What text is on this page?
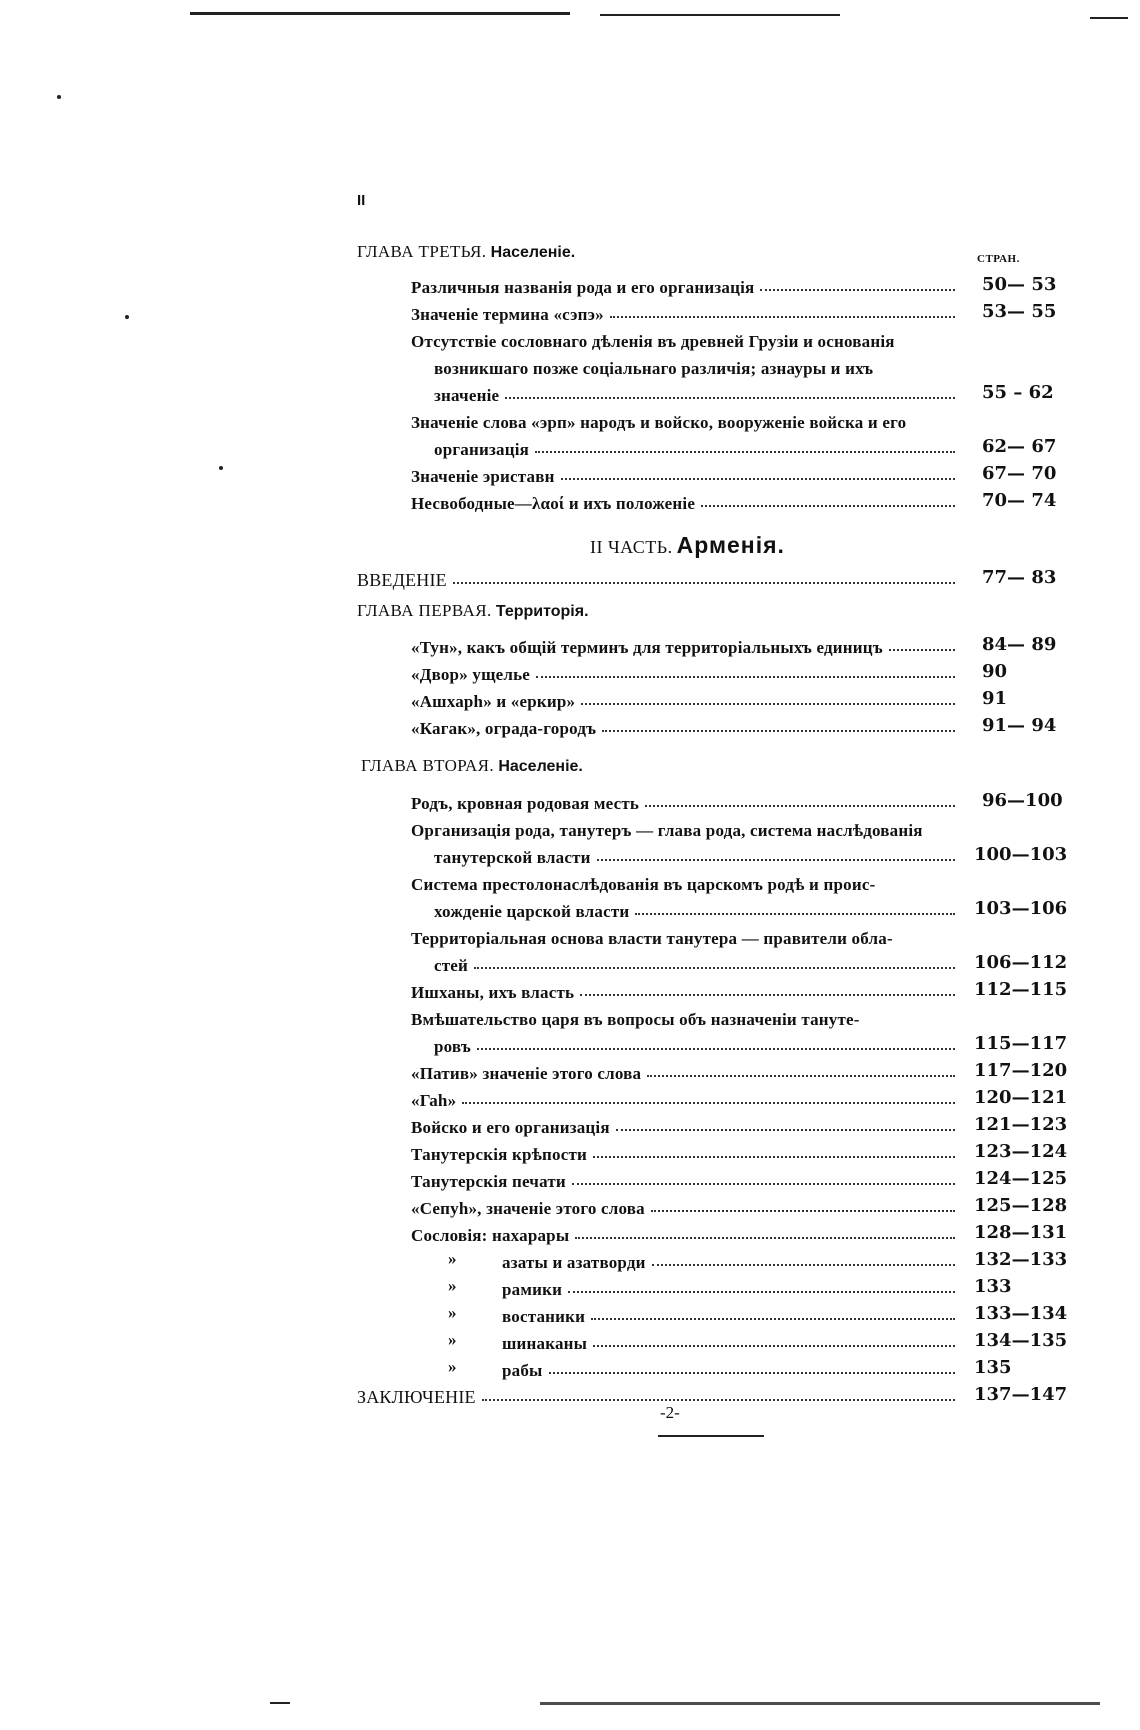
II
ГЛАВА ТРЕТЬЯ. Населеніе.	СТРАН.
Различныя названія рода и его организація	50— 53
Значеніе термина «сэпэ»	53— 55
Отсутствіе сословнаго дѣленія въ древней Грузіи и основанія
возникшаго позже соціальнаго различія; азнауры и ихъ
значеніе	55 – 62
Значеніе слова «эрп» народъ и войско, вооруженіе войска и его
организація	62— 67
Значеніе эриставн	67— 70
Несвободные—λαοί и ихъ положеніе	70— 74
II ЧАСТЬ. Арменія.
ВВЕДЕНІЕ	77— 83
ГЛАВА ПЕРВАЯ. Территорія.
«Тун», какъ общій терминъ для территоріальныхъ единицъ	84— 89
«Двор» ущелье	90
«Ашхарh» и «еркир»	91
«Кагак», ограда-городъ	91— 94
ГЛАВА ВТОРАЯ. Населеніе.
Родъ, кровная родовая месть	96—100
Организація рода, танутеръ — глава рода, система наслѣдованія
танутерской власти	100—103
Система престолонаслѣдованія въ царскомъ родѣ и проис-
хожденіе царской власти	103—106
Территоріальная основа власти танутера — правители обла-
стей	106—112
Ишханы, ихъ власть	112—115
Вмѣшательство царя въ вопросы объ назначеніи танутe-
ровъ	115—117
«Патив» значеніе этого слова	117—120
«Гаh»	120—121
Войско и его организація	121—123
Танутерскія крѣпости	123—124
Танутерскія печати	124—125
«Сепуh», значеніе этого слова	125—128
Сословія: нахарары	128—131
»	азаты и азатворди	132—133
»	рамики	133
»	востаники	133—134
»	шинаканы	134—135
»	рабы	135
ЗАКЛЮЧЕНІЕ	137—147
-2-
